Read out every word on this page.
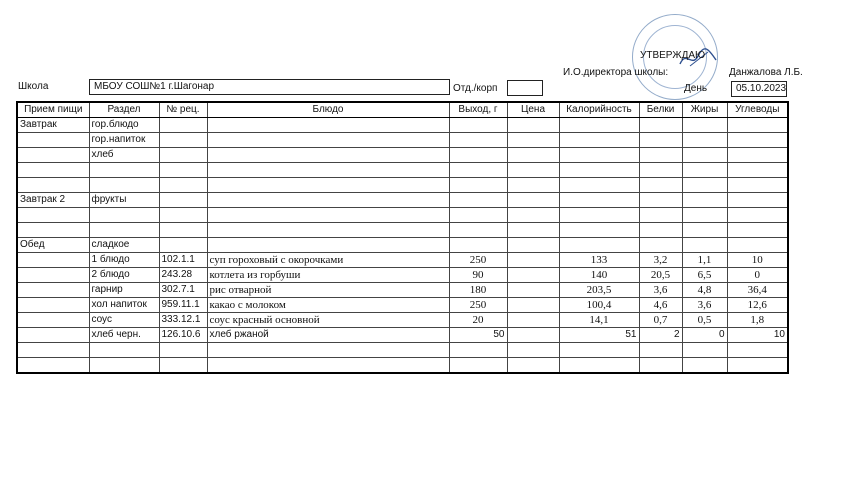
УТВЕРЖДАЮ
И.О.директора школы:	Данжалова Л.Б.
День	05.10.2023
Школа	МБОУ СОШ№1 г.Шагонар	Отд./корп
Прием пищи	Раздел	№ рец.	Блюдо	Выход, г	Цена	Калорийность	Белки	Жиры	Углеводы
Завтрак	гор.блюдо								
	гор.напиток								
	хлеб								

Завтрак 2	фрукты								

Обед	сладкое								
	1 блюдо	102.1.1	суп гороховый с окорочками	250		133	3,2	1,1	10
	2 блюдо	243.28	котлета из горбуши	90		140	20,5	6,5	0
	гарнир	302.7.1	рис отварной	180		203,5	3,6	4,8	36,4
	хол напиток	959.11.1	какао с молоком	250		100,4	4,6	3,6	12,6
	соус	333.12.1	соус красный основной	20		14,1	0,7	0,5	1,8
	хлеб черн.	126.10.6	хлеб ржаной	50		51	2	0	10
